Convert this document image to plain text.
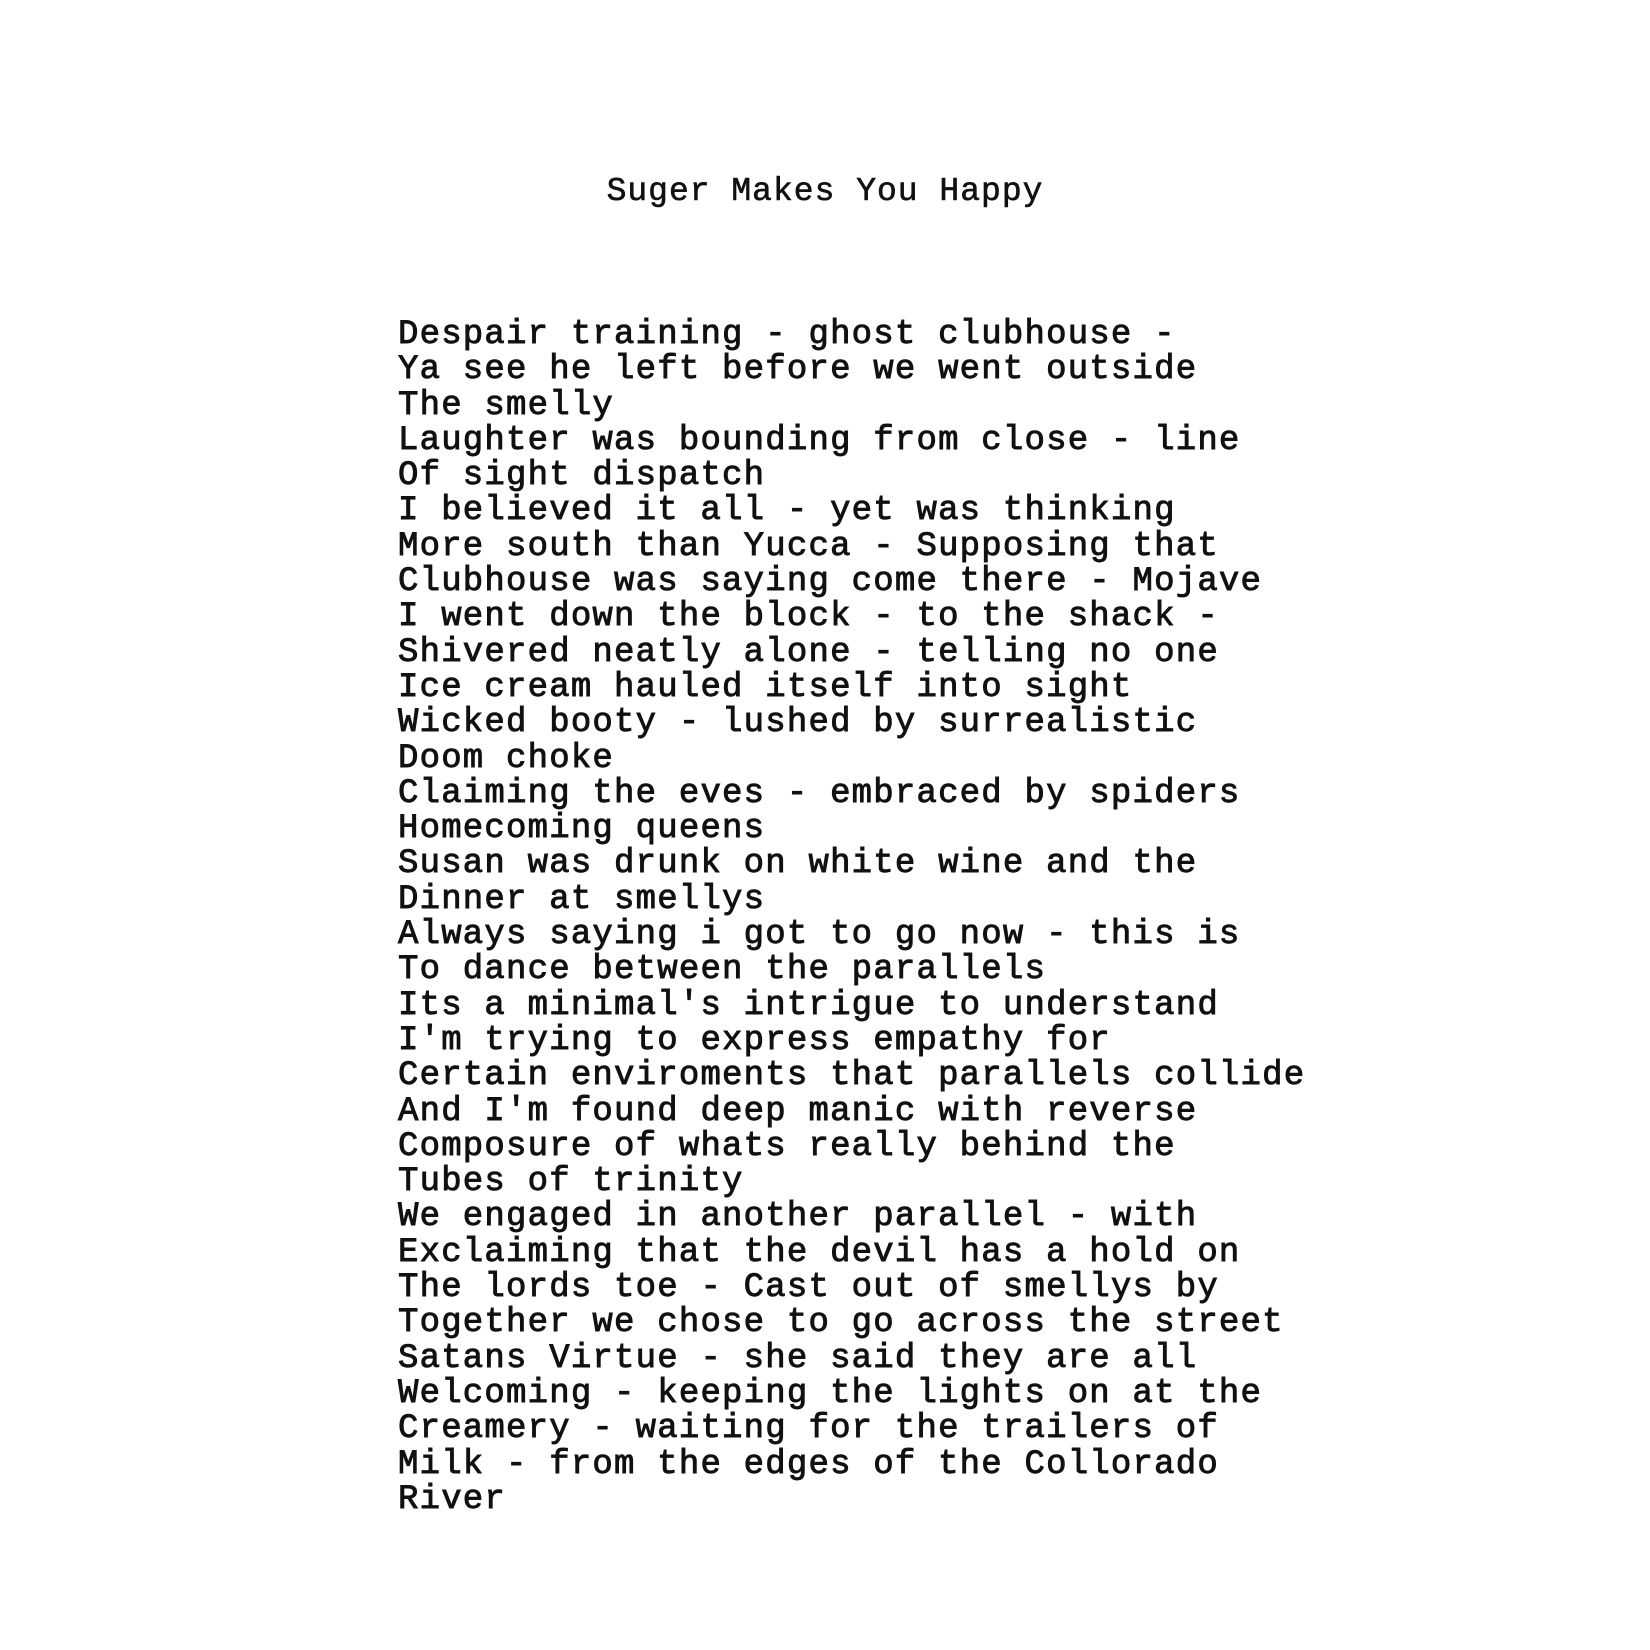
Suger Makes You Happy
Despair training - ghost clubhouse -
Ya see he left before we went outside
The smelly
Laughter was bounding from close - line
Of sight dispatch
I believed it all - yet was thinking
More south than Yucca - Supposing that
Clubhouse was saying come there - Mojave
I went down the block - to the shack -
Shivered neatly alone - telling no one
Ice cream hauled itself into sight
Wicked booty - lushed by surrealistic
Doom choke
Claiming the eves - embraced by spiders
Homecoming queens
Susan was drunk on white wine and the
Dinner at smellys
Always saying i got to go now - this is
To dance between the parallels
Its a minimal's intrigue to understand
I'm trying to express empathy for
Certain enviroments that parallels collide
And I'm found deep manic with reverse
Composure of whats really behind the
Tubes of trinity
We engaged in another parallel - with
Exclaiming that the devil has a hold on
The lords toe - Cast out of smellys by
Together we chose to go across the street
Satans Virtue - she said they are all
Welcoming - keeping the lights on at the
Creamery - waiting for the trailers of
Milk - from the edges of the Collorado
River
